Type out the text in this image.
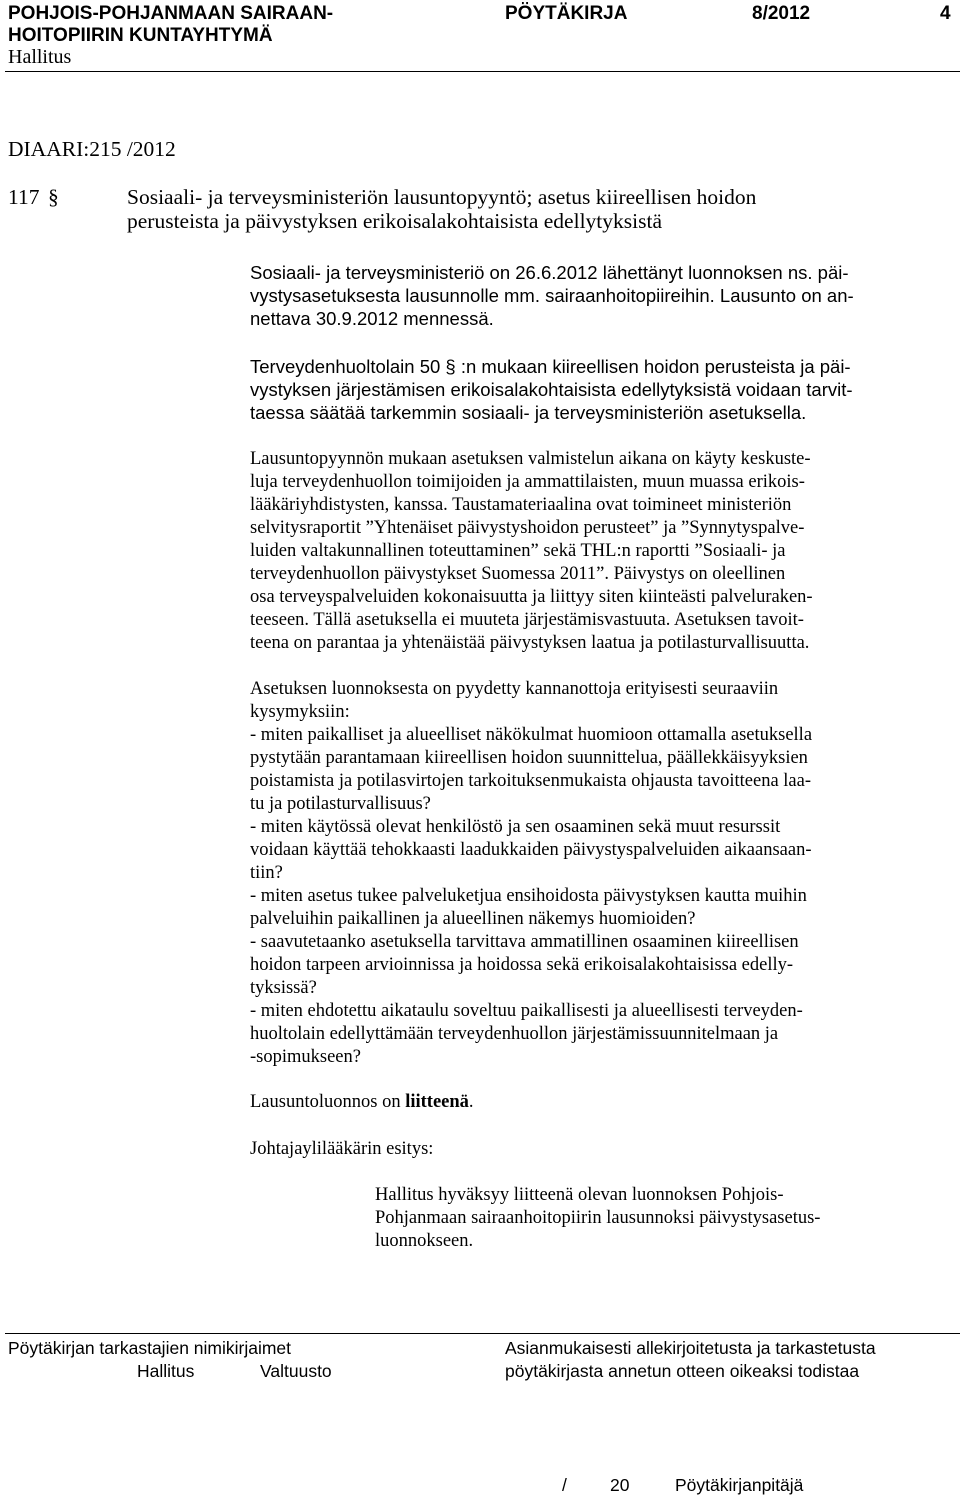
POHJOIS-POHJANMAAN SAIRAAN-
HOITOPIIRIN KUNTAYHTYMÄ
PÖYTÄKIRJA	8/2012	4
Hallitus
DIAARI:215 /2012
117 §	Sosiaali- ja terveysministeriön lausuntopyyntö; asetus kiireellisen hoidon
perusteista ja päivystyksen erikoisalakohtaisista edellytyksistä
Sosiaali- ja terveysministeriö on 26.6.2012 lähettänyt luonnoksen ns. päi-
vystysasetuksesta lausunnolle mm. sairaanhoitopiireihin. Lausunto on an-
nettava 30.9.2012 mennessä.
Terveydenhuoltolain 50 § :n mukaan kiireellisen hoidon perusteista ja päi-
vystyksen järjestämisen erikoisalakohtaisista edellytyksistä voidaan tarvit-
taessa säätää tarkemmin sosiaali- ja terveysministeriön asetuksella.
Lausuntopyynnön mukaan asetuksen valmistelun aikana on käyty keskuste-
luja terveydenhuollon toimijoiden ja ammattilaisten, muun muassa erikois-
lääkäriyhdistysten, kanssa. Taustamateriaalina ovat toimineet ministeriön
selvitysraportit ”Yhtenäiset päivystyshoidon perusteet” ja ”Synnytyspalve-
luiden valtakunnallinen toteuttaminen” sekä THL:n raportti ”Sosiaali- ja
terveydenhuollon päivystykset Suomessa 2011”. Päivystys on oleellinen
osa terveyspalveluiden kokonaisuutta ja liittyy siten kiinteästi palveluraken-
teeseen. Tällä asetuksella ei muuteta järjestämisvastuuta. Asetuksen tavoit-
teena on parantaa ja yhtenäistää päivystyksen laatua ja potilasturvallisuutta.
Asetuksen luonnoksesta on pyydetty kannanottoja erityisesti seuraaviin
kysymyksiin:
- miten paikalliset ja alueelliset näkökulmat huomioon ottamalla asetuksella
pystytään parantamaan kiireellisen hoidon suunnittelua, päällekkäisyyksien
poistamista ja potilasvirtojen tarkoituksenmukaista ohjausta tavoitteena laa-
tu ja potilasturvallisuus?
- miten käytössä olevat henkilöstö ja sen osaaminen sekä muut resurssit
voidaan käyttää tehokkaasti laadukkaiden päivystyspalveluiden aikaansaan-
tiin?
- miten asetus tukee palveluketjua ensihoidosta päivystyksen kautta muihin
palveluihin paikallinen ja alueellinen näkemys huomioiden?
- saavutetaanko asetuksella tarvittava ammatillinen osaaminen kiireellisen
hoidon tarpeen arvioinnissa ja hoidossa sekä erikoisalakohtaisissa edelly-
tyksissä?
- miten ehdotettu aikataulu soveltuu paikallisesti ja alueellisesti terveyden-
huoltolain edellyttämään terveydenhuollon järjestämissuunnitelmaan ja
-sopimukseen?
Lausuntoluonnos on liitteenä.
Johtajaylilääkärin esitys:
Hallitus hyväksyy liitteenä olevan luonnoksen Pohjois-
Pohjanmaan sairaanhoitopiirin lausunnoksi päivystysasetus-
luonnokseen.
Pöytäkirjan tarkastajien nimikirjaimet
Hallitus	Valtuusto
Asianmukaisesti allekirjoitetusta ja tarkastetusta
pöytäkirjasta annetun otteen oikeaksi todistaa
/ 20	Pöytäkirjanpitäjä
